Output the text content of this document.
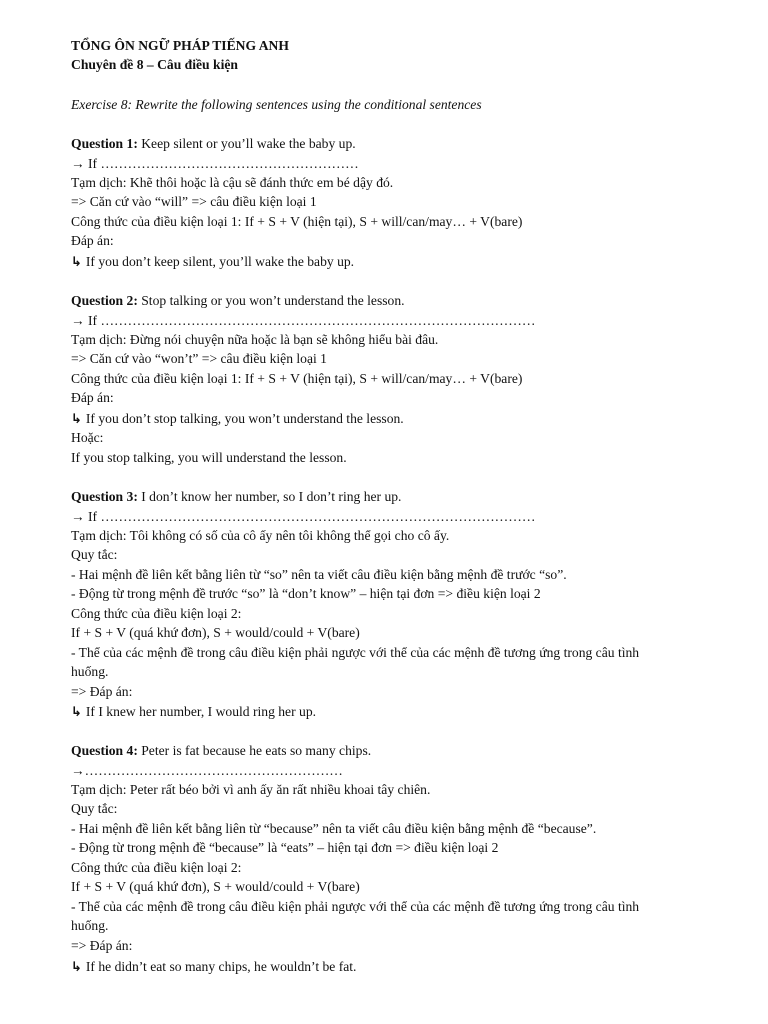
TỔNG ÔN NGỮ PHÁP TIẾNG ANH
Chuyên đề 8 – Câu điều kiện
Exercise 8: Rewrite the following sentences using the conditional sentences
Question 1: Keep silent or you’ll wake the baby up.
→ If …………………………………………………
Tạm dịch: Khẽ thôi hoặc là cậu sẽ đánh thức em bé dậy đó.
=> Căn cứ vào “will” => câu điều kiện loại 1
Công thức của điều kiện loại 1: If + S + V (hiện tại), S + will/can/may… + V(bare)
Đáp án:
↳ If you don’t keep silent, you’ll wake the baby up.
Question 2: Stop talking or you won’t understand the lesson.
→ If ……………………………………………………………………………………
Tạm dịch: Đừng nói chuyện nữa hoặc là bạn sẽ không hiểu bài đâu.
=> Căn cứ vào “won’t” => câu điều kiện loại 1
Công thức của điều kiện loại 1: If + S + V (hiện tại), S + will/can/may… + V(bare)
Đáp án:
↳ If you don’t stop talking, you won’t understand the lesson.
Hoặc:
If you stop talking, you will understand the lesson.
Question 3: I don’t know her number, so I don’t ring her up.
→ If ……………………………………………………………………………………
Tạm dịch: Tôi không có số của cô ấy nên tôi không thể gọi cho cô ấy.
Quy tắc:
- Hai mệnh đề liên kết bằng liên từ “so” nên ta viết câu điều kiện bằng mệnh đề trước “so”.
- Động từ trong mệnh đề trước “so” là “don’t know” – hiện tại đơn => điều kiện loại 2
Công thức của điều kiện loại 2:
If + S + V (quá khứ đơn), S + would/could + V(bare)
- Thể của các mệnh đề trong câu điều kiện phải ngược với thể của các mệnh đề tương ứng trong câu tình
huống.
=> Đáp án:
↳ If I knew her number, I would ring her up.
Question 4: Peter is fat because he eats so many chips.
→…………………………………………………
Tạm dịch: Peter rất béo bởi vì anh ấy ăn rất nhiều khoai tây chiên.
Quy tắc:
- Hai mệnh đề liên kết bằng liên từ “because” nên ta viết câu điều kiện bằng mệnh đề “because”.
- Động từ trong mệnh đề “because” là “eats” – hiện tại đơn => điều kiện loại 2
Công thức của điều kiện loại 2:
If + S + V (quá khứ đơn), S + would/could + V(bare)
- Thể của các mệnh đề trong câu điều kiện phải ngược với thể của các mệnh đề tương ứng trong câu tình
huống.
=> Đáp án:
↳ If he didn’t eat so many chips, he wouldn’t be fat.
